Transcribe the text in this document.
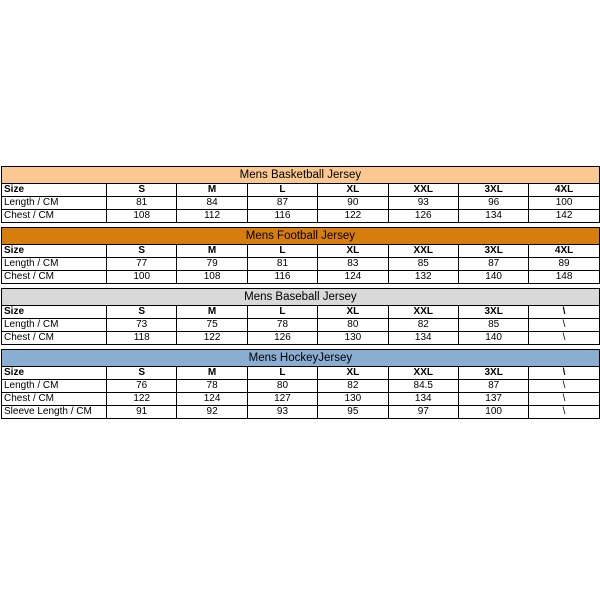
Mens Basketball Jersey							
Size	S	M	L	XL	XXL	3XL	4XL
Length / CM	81	84	87	90	93	96	100
Chest / CM	108	112	116	122	126	134	142
Mens Football Jersey							
Size	S	M	L	XL	XXL	3XL	4XL
Length / CM	77	79	81	83	85	87	89
Chest / CM	100	108	116	124	132	140	148
Mens Baseball Jersey							
Size	S	M	L	XL	XXL	3XL	\
Length / CM	73	75	78	80	82	85	\
Chest / CM	118	122	126	130	134	140	\
Mens HockeyJersey							
Size	S	M	L	XL	XXL	3XL	\
Length / CM	76	78	80	82	84.5	87	\
Chest / CM	122	124	127	130	134	137	\
Sleeve Length / CM	91	92	93	95	97	100	\
